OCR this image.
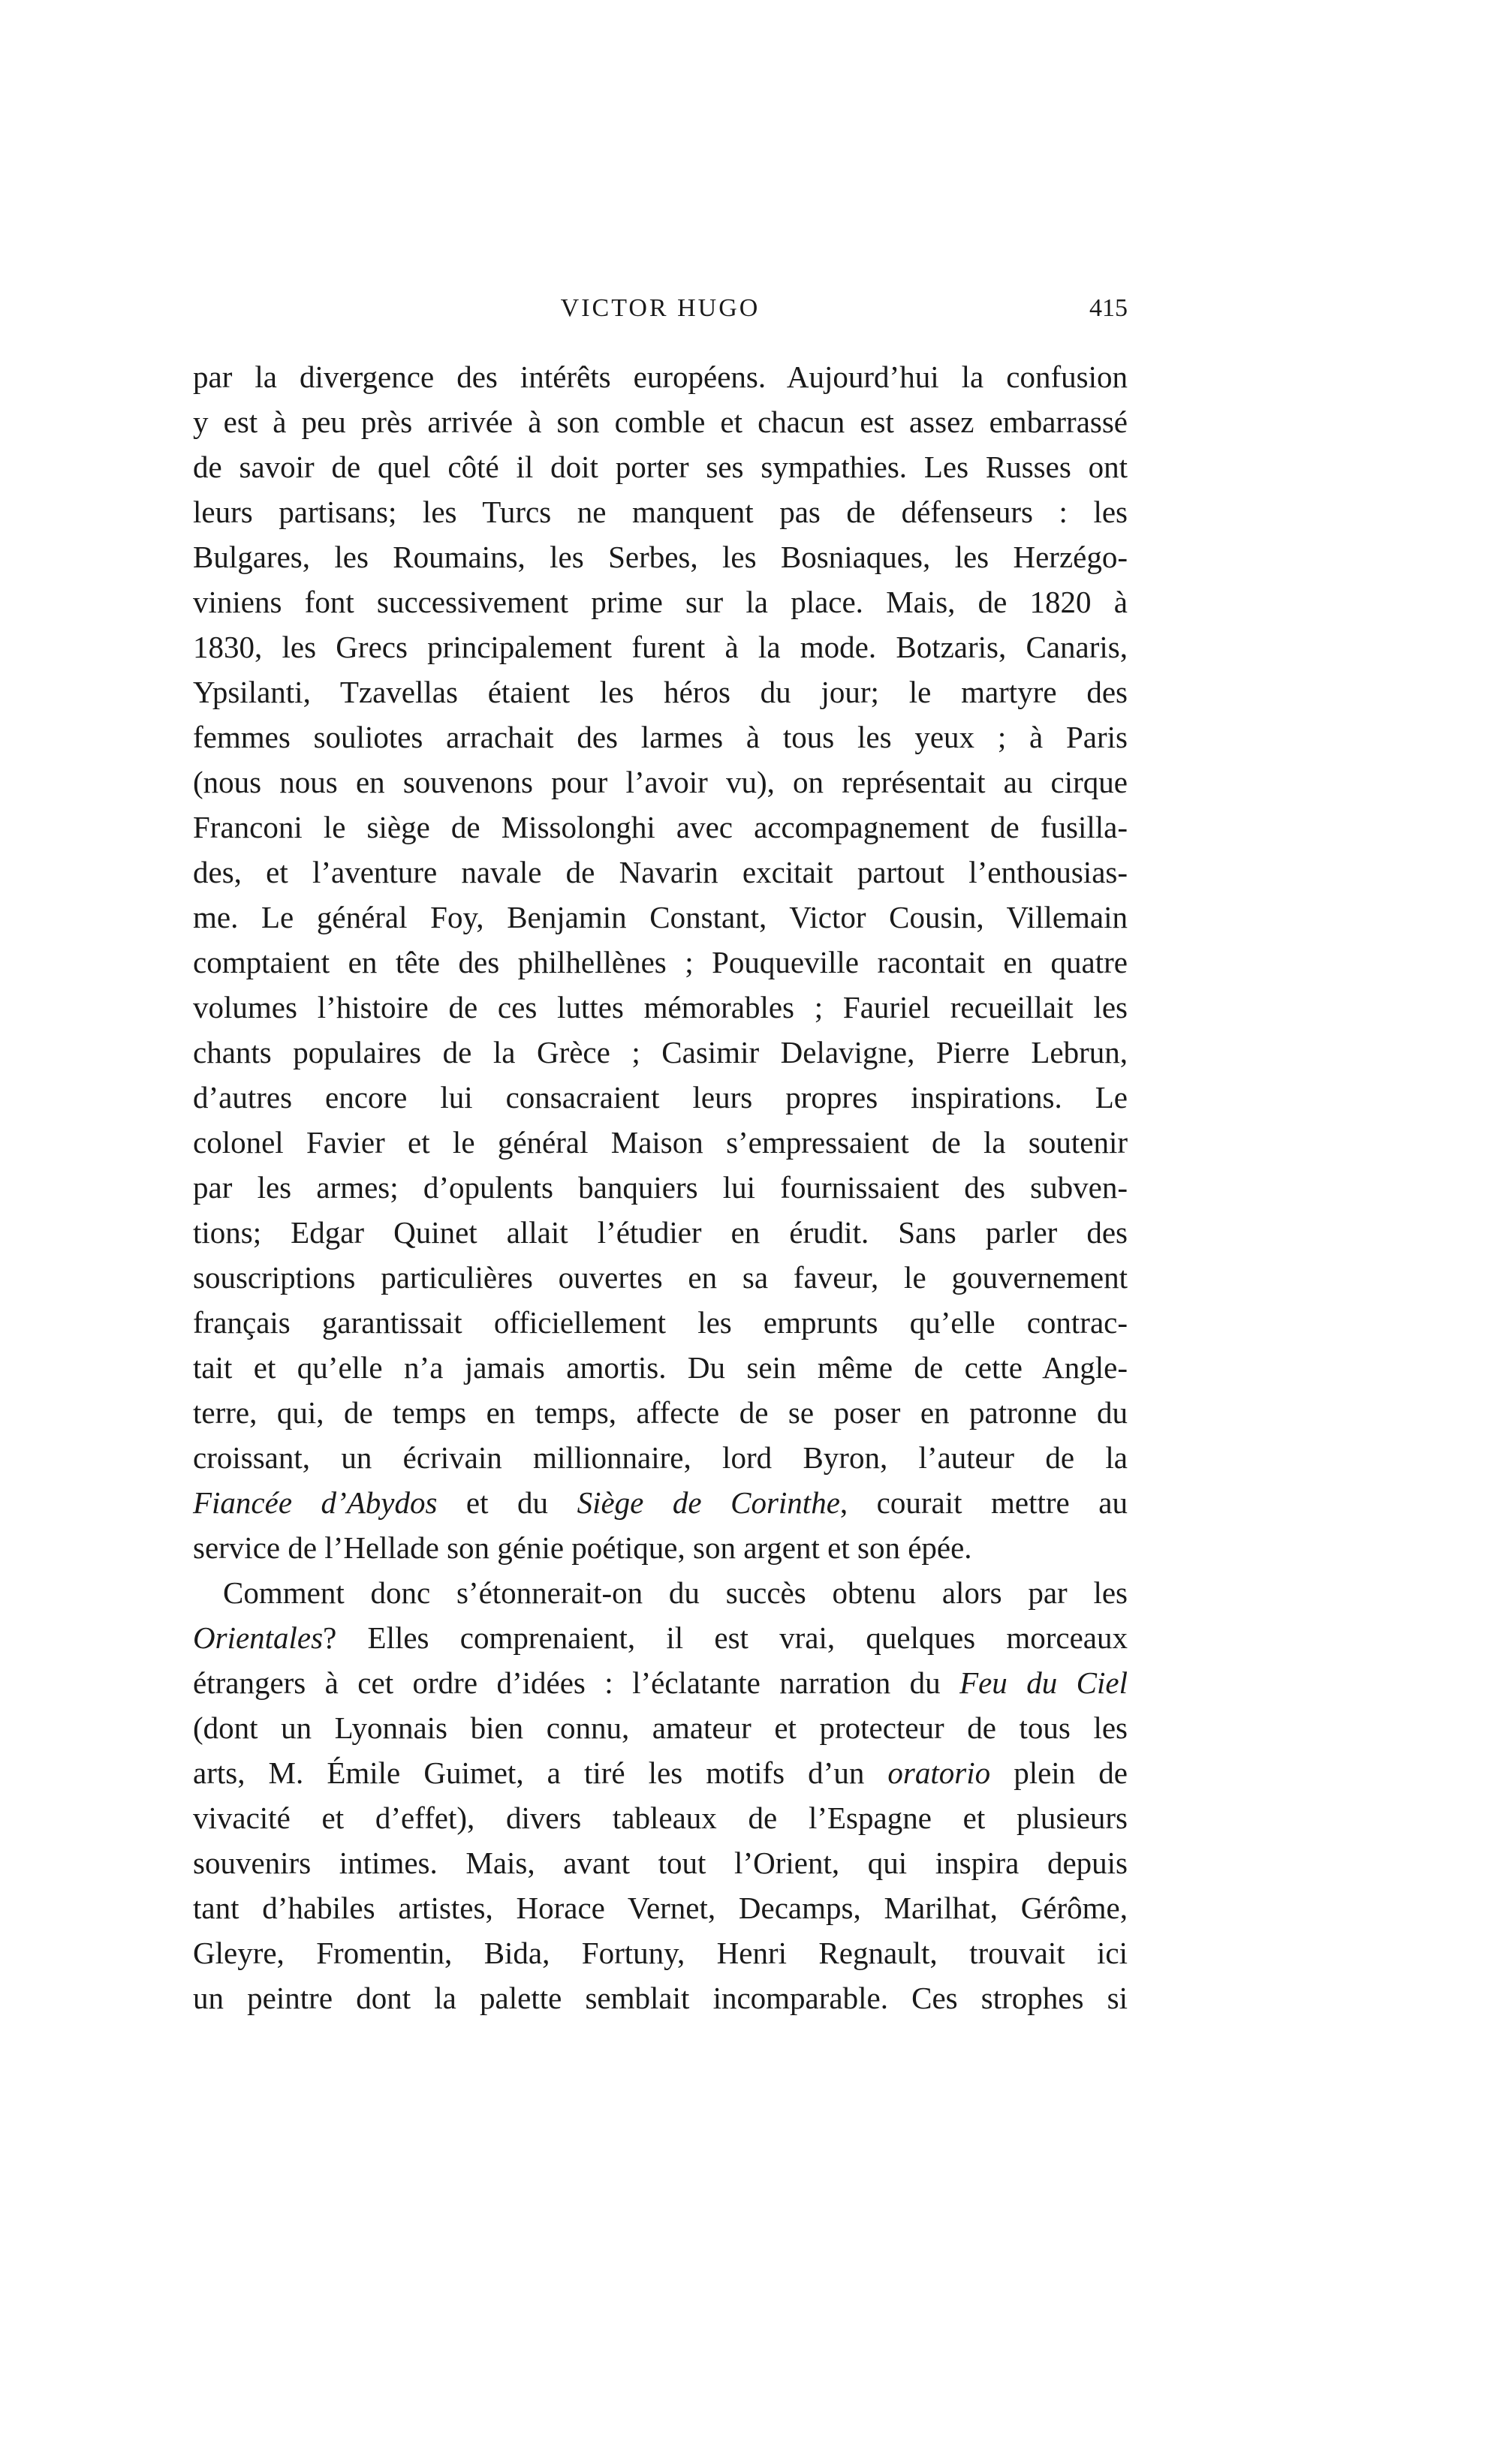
VICTOR HUGO	415
par la divergence des intérêts européens. Aujourd’hui la confusion
y est à peu près arrivée à son comble et chacun est assez embarrassé
de savoir de quel côté il doit porter ses sympathies. Les Russes ont
leurs partisans; les Turcs ne manquent pas de défenseurs : les
Bulgares, les Roumains, les Serbes, les Bosniaques, les Herzégo-
viniens font successivement prime sur la place. Mais, de 1820 à
1830, les Grecs principalement furent à la mode. Botzaris, Canaris,
Ypsilanti, Tzavellas étaient les héros du jour; le martyre des
femmes souliotes arrachait des larmes à tous les yeux ; à Paris
(nous nous en souvenons pour l’avoir vu), on représentait au cirque
Franconi le siège de Missolonghi avec accompagnement de fusilla-
des, et l’aventure navale de Navarin excitait partout l’enthousias-
me. Le général Foy, Benjamin Constant, Victor Cousin, Villemain
comptaient en tête des philhellènes ; Pouqueville racontait en quatre
volumes l’histoire de ces luttes mémorables ; Fauriel recueillait les
chants populaires de la Grèce ; Casimir Delavigne, Pierre Lebrun,
d’autres encore lui consacraient leurs propres inspirations. Le
colonel Favier et le général Maison s’empressaient de la soutenir
par les armes; d’opulents banquiers lui fournissaient des subven-
tions; Edgar Quinet allait l’étudier en érudit. Sans parler des
souscriptions particulières ouvertes en sa faveur, le gouvernement
français garantissait officiellement les emprunts qu’elle contrac-
tait et qu’elle n’a jamais amortis. Du sein même de cette Angle-
terre, qui, de temps en temps, affecte de se poser en patronne du
croissant, un écrivain millionnaire, lord Byron, l’auteur de la
Fiancée d’Abydos et du Siège de Corinthe, courait mettre au
service de l’Hellade son génie poétique, son argent et son épée.
Comment donc s’étonnerait-on du succès obtenu alors par les
Orientales? Elles comprenaient, il est vrai, quelques morceaux
étrangers à cet ordre d’idées : l’éclatante narration du Feu du Ciel
(dont un Lyonnais bien connu, amateur et protecteur de tous les
arts, M. Émile Guimet, a tiré les motifs d’un oratorio plein de
vivacité et d’effet), divers tableaux de l’Espagne et plusieurs
souvenirs intimes. Mais, avant tout l’Orient, qui inspira depuis
tant d’habiles artistes, Horace Vernet, Decamps, Marilhat, Gérôme,
Gleyre, Fromentin, Bida, Fortuny, Henri Regnault, trouvait ici
un peintre dont la palette semblait incomparable. Ces strophes si
